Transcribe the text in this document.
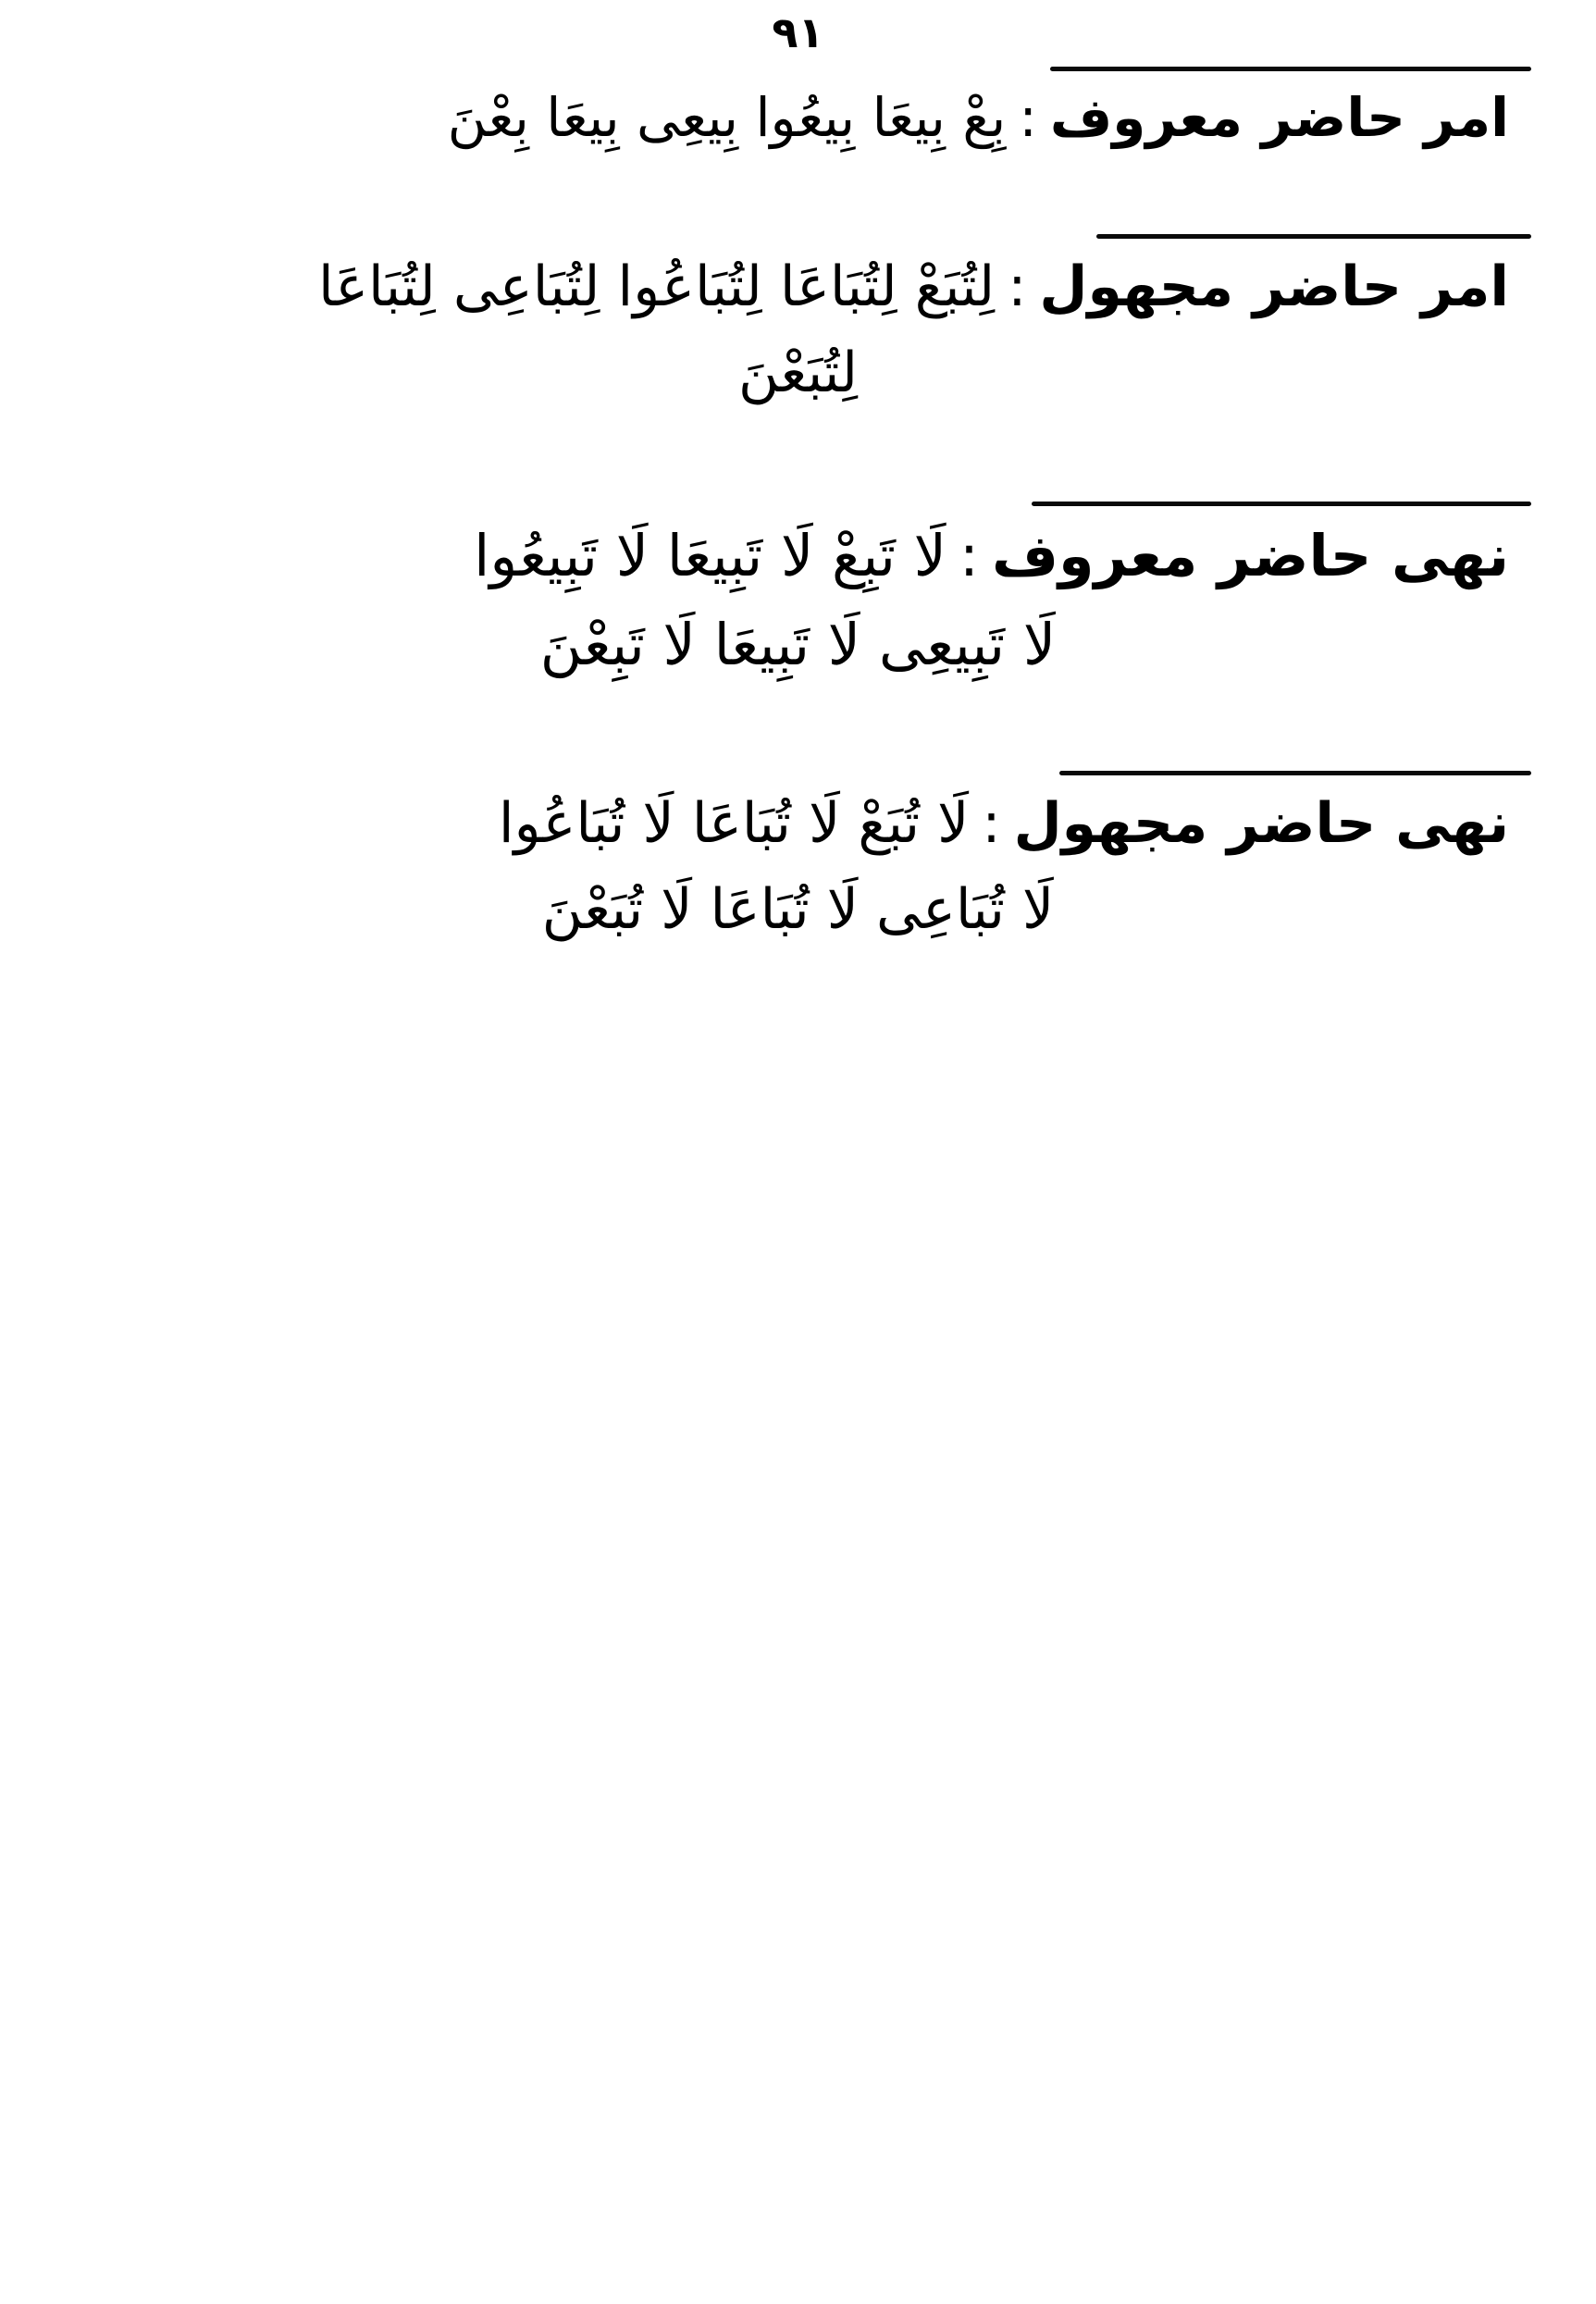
٩١
امر حاضر معروف:بِعْ بِيعَا بِيعُوا بِيعِى بِيعَا بِعْنَ
امر حاضر مجهول:لِتُبَعْ لِتُبَاعَا لِتُبَاعُوا لِتُبَاعِى لِتُبَاعَا
لِتُبَعْنَ
نهى حاضر معروف:لَا تَبِعْ لَا تَبِيعَا لَا تَبِيعُوا
لَا تَبِيعِى لَا تَبِيعَا لَا تَبِعْنَ
نهى حاضر مجهول:لَا تُبَعْ لَا تُبَاعَا لَا تُبَاعُوا
لَا تُبَاعِى لَا تُبَاعَا لَا تُبَعْنَ
